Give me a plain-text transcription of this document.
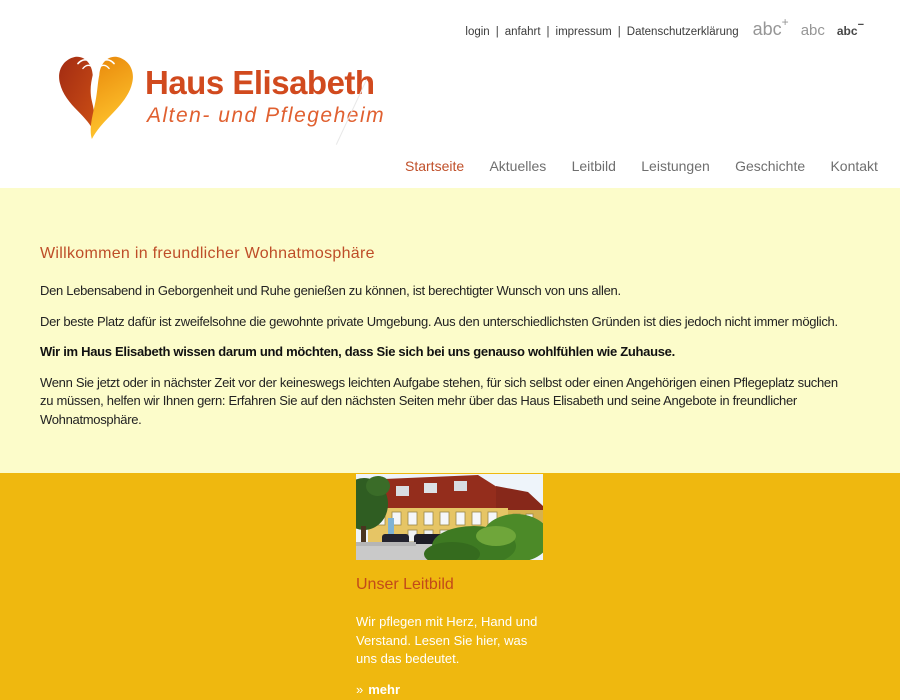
login | anfahrt | impressum | Datenschutzerklärung abc+ abc abc−
Haus Elisabeth
Alten- und Pflegeheim
Startseite Aktuelles Leitbild Leistungen Geschichte Kontakt
Willkommen in freundlicher Wohnatmosphäre

Den Lebensabend in Geborgenheit und Ruhe genießen zu können, ist berechtigter Wunsch von uns allen.

Der beste Platz dafür ist zweifelsohne die gewohnte private Umgebung. Aus den unterschiedlichsten Gründen ist dies jedoch nicht immer möglich.

Wir im Haus Elisabeth wissen darum und möchten, dass Sie sich bei uns genauso wohlfühlen wie Zuhause.

Wenn Sie jetzt oder in nächster Zeit vor der keineswegs leichten Aufgabe stehen, für sich selbst oder einen Angehörigen einen Pflegeplatz suchen zu müssen, helfen wir Ihnen gern: Erfahren Sie auf den nächsten Seiten mehr über das Haus Elisabeth und seine Angebote in freundlicher Wohnatmosphäre.

Unser Leitbild

Wir pflegen mit Herz, Hand und Verstand. Lesen Sie hier, was uns das bedeutet.

» mehr
